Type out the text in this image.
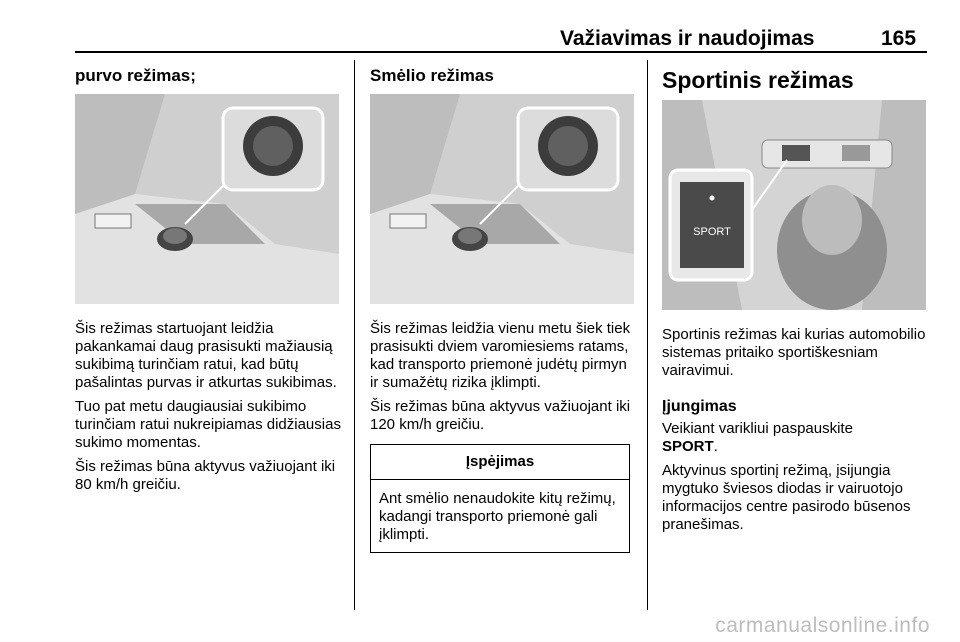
Važiavimas ir naudojimas	165
purvo režimas;

Šis režimas startuojant leidžia pakankamai daug prasisukti mažiausią sukibimą turinčiam ratui, kad būtų pašalintas purvas ir atkurtas sukibimas.

Tuo pat metu daugiausiai sukibimo turinčiam ratui nukreipiamas didžiausias sukimo momentas.

Šis režimas būna aktyvus važiuojant iki 80 km/h greičiu.

Smėlio režimas

Šis režimas leidžia vienu metu šiek tiek prasisukti dviem varomiesiems ratams, kad transporto priemonė judėtų pirmyn ir sumažėtų rizika įklimpti.

Šis režimas būna aktyvus važiuojant iki 120 km/h greičiu.

Įspėjimas
Ant smėlio nenaudokite kitų režimų, kadangi transporto priemonė gali įklimpti.
Sportinis režimas
SPORT

Sportinis režimas kai kurias automobilio sistemas pritaiko sportiškesniam vairavimui.

Įjungimas

Veikiant varikliui paspauskite
SPORT.

Aktyvinus sportinį režimą, įsijungia mygtuko šviesos diodas ir vairuotojo informacijos centre pasirodo būsenos pranešimas.

carmanualsonline.info
